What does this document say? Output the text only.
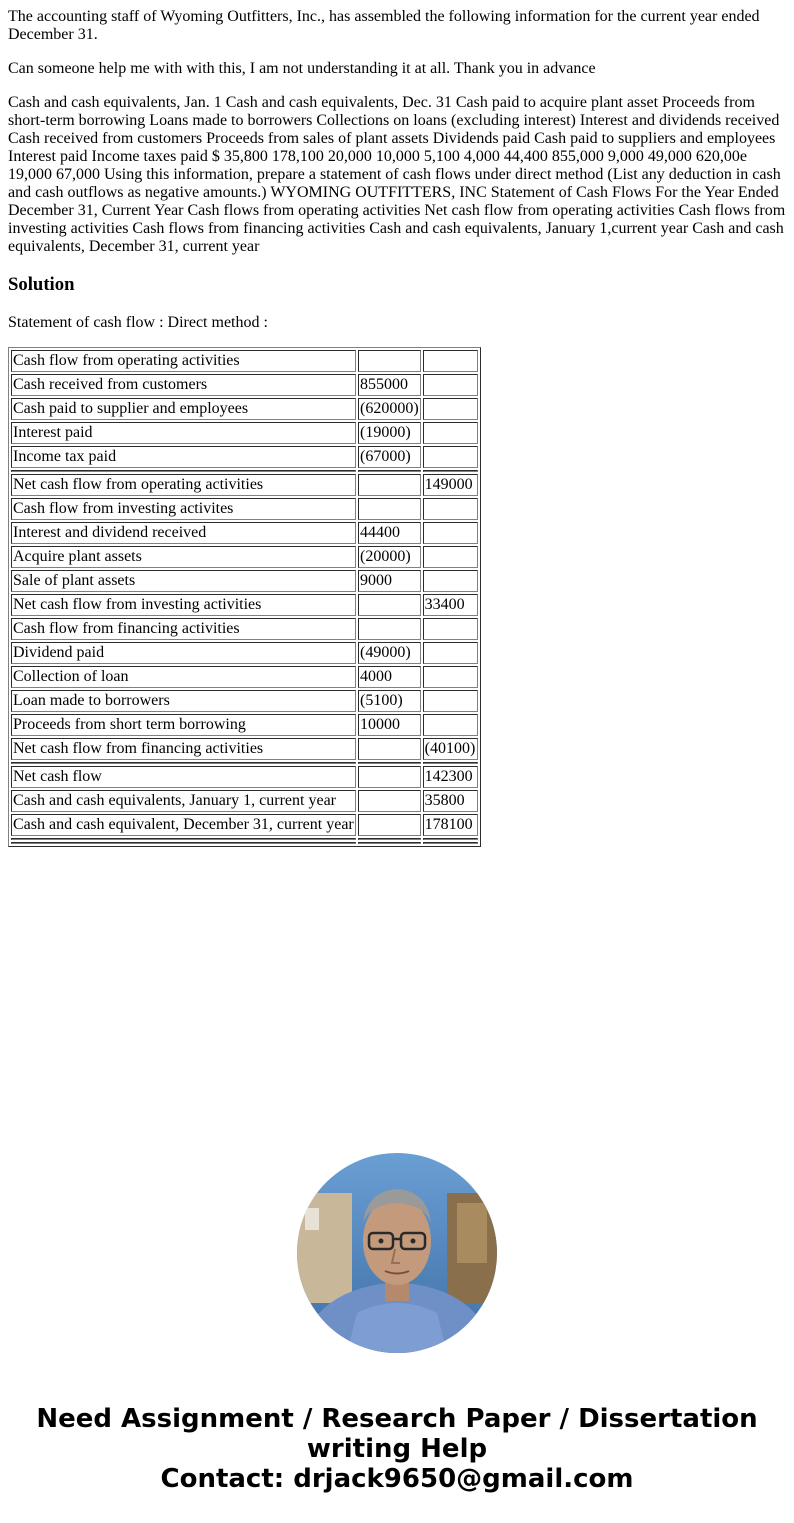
The accounting staff of Wyoming Outfitters, Inc., has assembled the following information for the current year ended December 31.

Can someone help me with with this, I am not understanding it at all. Thank you in advance

Cash and cash equivalents, Jan. 1 Cash and cash equivalents, Dec. 31 Cash paid to acquire plant asset Proceeds from short-term borrowing Loans made to borrowers Collections on loans (excluding interest) Interest and dividends received Cash received from customers Proceeds from sales of plant assets Dividends paid Cash paid to suppliers and employees Interest paid Income taxes paid $ 35,800 178,100 20,000 10,000 5,100 4,000 44,400 855,000 9,000 49,000 620,00e 19,000 67,000 Using this information, prepare a statement of cash flows under direct method (List any deduction in cash and cash outflows as negative amounts.) WYOMING OUTFITTERS, INC Statement of Cash Flows For the Year Ended December 31, Current Year Cash flows from operating activities Net cash flow from operating activities Cash flows from investing activities Cash flows from financing activities Cash and cash equivalents, January 1,current year Cash and cash equivalents, December 31, current year

Solution

Statement of cash flow : Direct method :

Cash flow from operating activities		
Cash received from customers	855000	
Cash paid to supplier and employees	(620000)	
Interest paid	(19000)	
Income tax paid	(67000)	

Net cash flow from operating activities		149000
Cash flow from investing activites		
Interest and dividend received	44400	
Acquire plant assets	(20000)	
Sale of plant assets	9000	
Net cash flow from investing activities		33400
Cash flow from financing activities		
Dividend paid	(49000)	
Collection of loan	4000	
Loan made to borrowers	(5100)	
Proceeds from short term borrowing	10000	
Net cash flow from financing activities		(40100)

Net cash flow		142300
Cash and cash equivalents, January 1, current year		35800
Cash and cash equivalent, December 31, current year		178100

Need Assignment / Research Paper / Dissertation
writing Help
Contact: drjack9650@gmail.com
